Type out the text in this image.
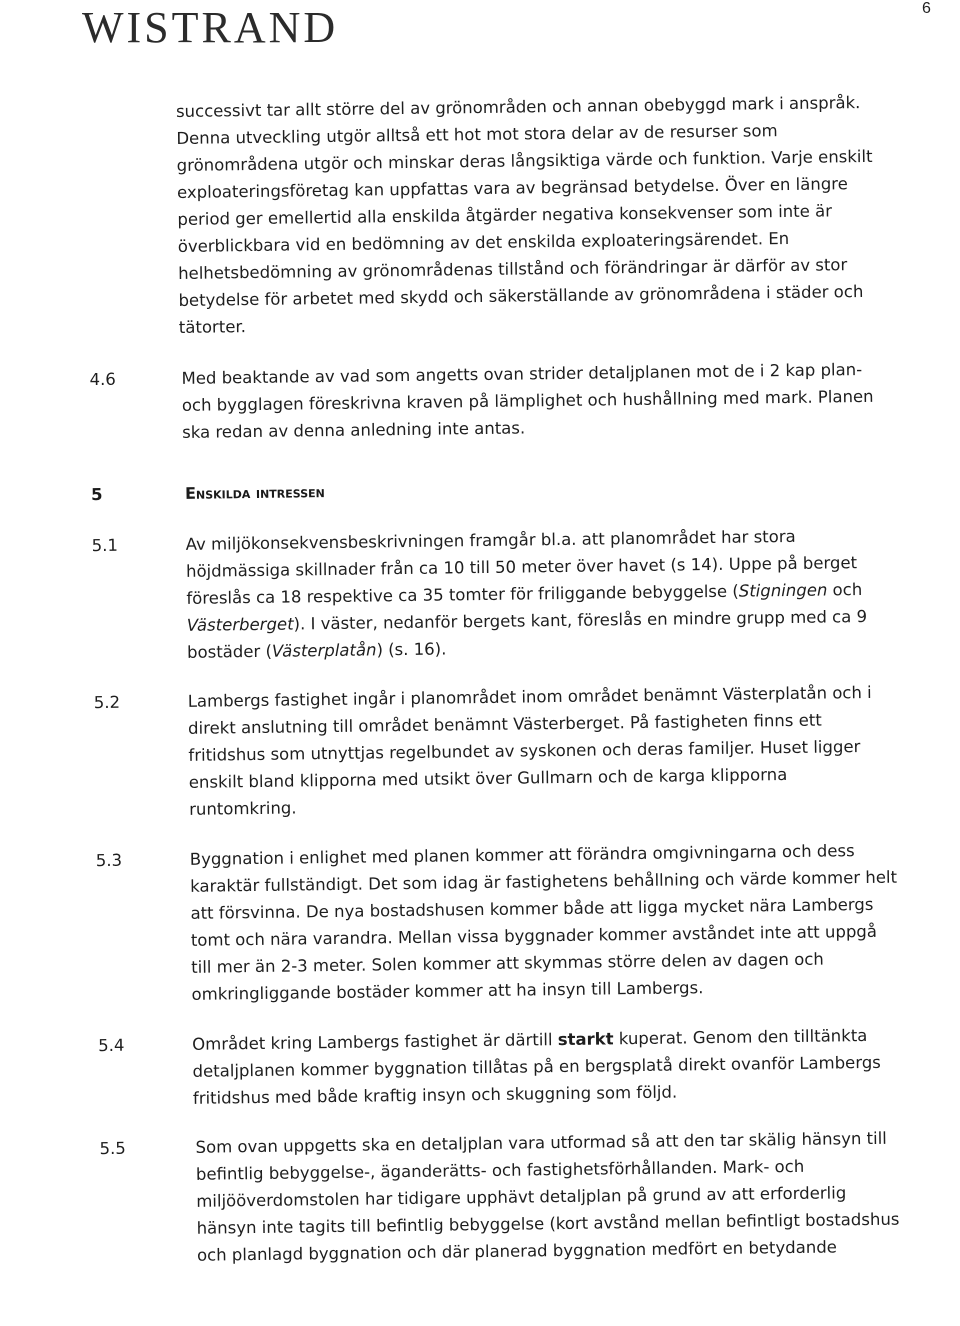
WISTRAND	6
successivt tar allt större del av grönområden och annan obebyggd mark i anspråk.
Denna utveckling utgör alltså ett hot mot stora delar av de resurser som
grönområdena utgör och minskar deras långsiktiga värde och funktion. Varje enskilt
exploateringsföretag kan uppfattas vara av begränsad betydelse. Över en längre
period ger emellertid alla enskilda åtgärder negativa konsekvenser som inte är
överblickbara vid en bedömning av det enskilda exploateringsärendet. En
helhetsbedömning av grönområdenas tillstånd och förändringar är därför av stor
betydelse för arbetet med skydd och säkerställande av grönområdena i städer och
tätorter.
4.6	Med beaktande av vad som angetts ovan strider detaljplanen mot de i 2 kap plan-
och bygglagen föreskrivna kraven på lämplighet och hushållning med mark. Planen
ska redan av denna anledning inte antas.
5	Enskilda intressen
5.1	Av miljökonsekvensbeskrivningen framgår bl.a. att planområdet har stora
höjdmässiga skillnader från ca 10 till 50 meter över havet (s 14). Uppe på berget
föreslås ca 18 respektive ca 35 tomter för friliggande bebyggelse (Stigningen och
Västerberget). I väster, nedanför bergets kant, föreslås en mindre grupp med ca 9
bostäder (Västerplatån) (s. 16).
5.2	Lambergs fastighet ingår i planområdet inom området benämnt Västerplatån och i
direkt anslutning till området benämnt Västerberget. På fastigheten finns ett
fritidshus som utnyttjas regelbundet av syskonen och deras familjer. Huset ligger
enskilt bland klipporna med utsikt över Gullmarn och de karga klipporna
runtomkring.
5.3	Byggnation i enlighet med planen kommer att förändra omgivningarna och dess
karaktär fullständigt. Det som idag är fastighetens behållning och värde kommer helt
att försvinna. De nya bostadshusen kommer både att ligga mycket nära Lambergs
tomt och nära varandra. Mellan vissa byggnader kommer avståndet inte att uppgå
till mer än 2-3 meter. Solen kommer att skymmas större delen av dagen och
omkringliggande bostäder kommer att ha insyn till Lambergs.
5.4	Området kring Lambergs fastighet är därtill starkt kuperat. Genom den tilltänkta
detaljplanen kommer byggnation tillåtas på en bergsplatå direkt ovanför Lambergs
fritidshus med både kraftig insyn och skuggning som följd.
5.5	Som ovan uppgetts ska en detaljplan vara utformad så att den tar skälig hänsyn till
befintlig bebyggelse-, äganderätts- och fastighetsförhållanden. Mark- och
miljööverdomstolen har tidigare upphävt detaljplan på grund av att erforderlig
hänsyn inte tagits till befintlig bebyggelse (kort avstånd mellan befintligt bostadshus
och planlagd byggnation och där planerad byggnation medfört en betydande
